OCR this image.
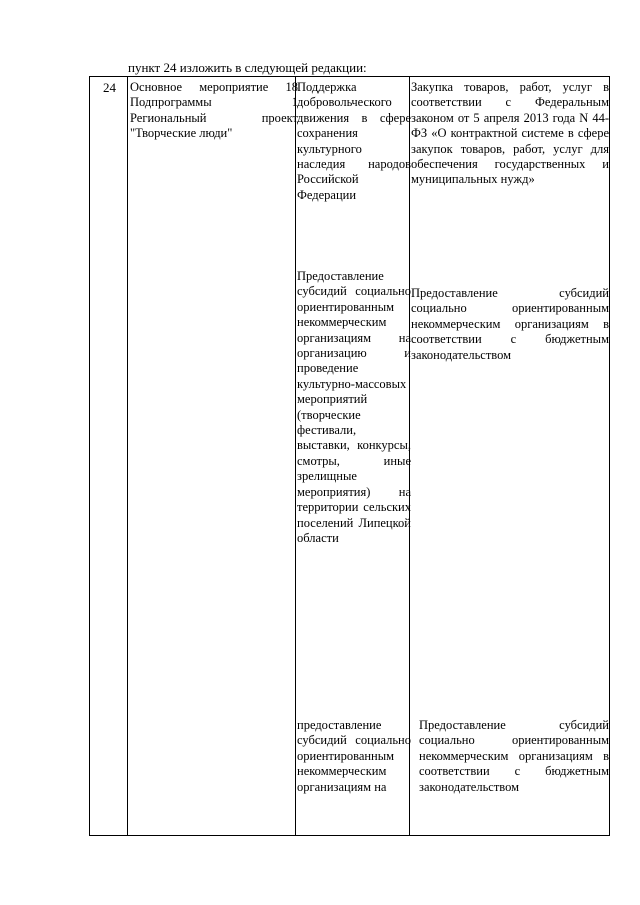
пункт 24 изложить в следующей редакции:
24 Основное мероприятие 18 Подпрограммы 1 Региональный проект "Творческие люди"
Поддержка добровольческого движения в сфере сохранения культурного наследия народов Российской Федерации
Предоставление субсидий социально ориентированным некоммерческим организациям на организацию и проведение культурно-массовых мероприятий (творческие фестивали, выставки, конкурсы, смотры, иные зрелищные мероприятия) на территории сельских поселений Липецкой области
предоставление субсидий социально ориентированным некоммерческим организациям на
Закупка товаров, работ, услуг в соответствии с Федеральным законом от 5 апреля 2013 года N 44-ФЗ «О контрактной системе в сфере закупок товаров, работ, услуг для обеспечения государственных и муниципальных нужд»
Предоставление субсидий социально ориентированным некоммерческим организациям в соответствии с бюджетным законодательством

Предоставление субсидий социально ориентированным некоммерческим организациям в соответствии с бюджетным законодательством
